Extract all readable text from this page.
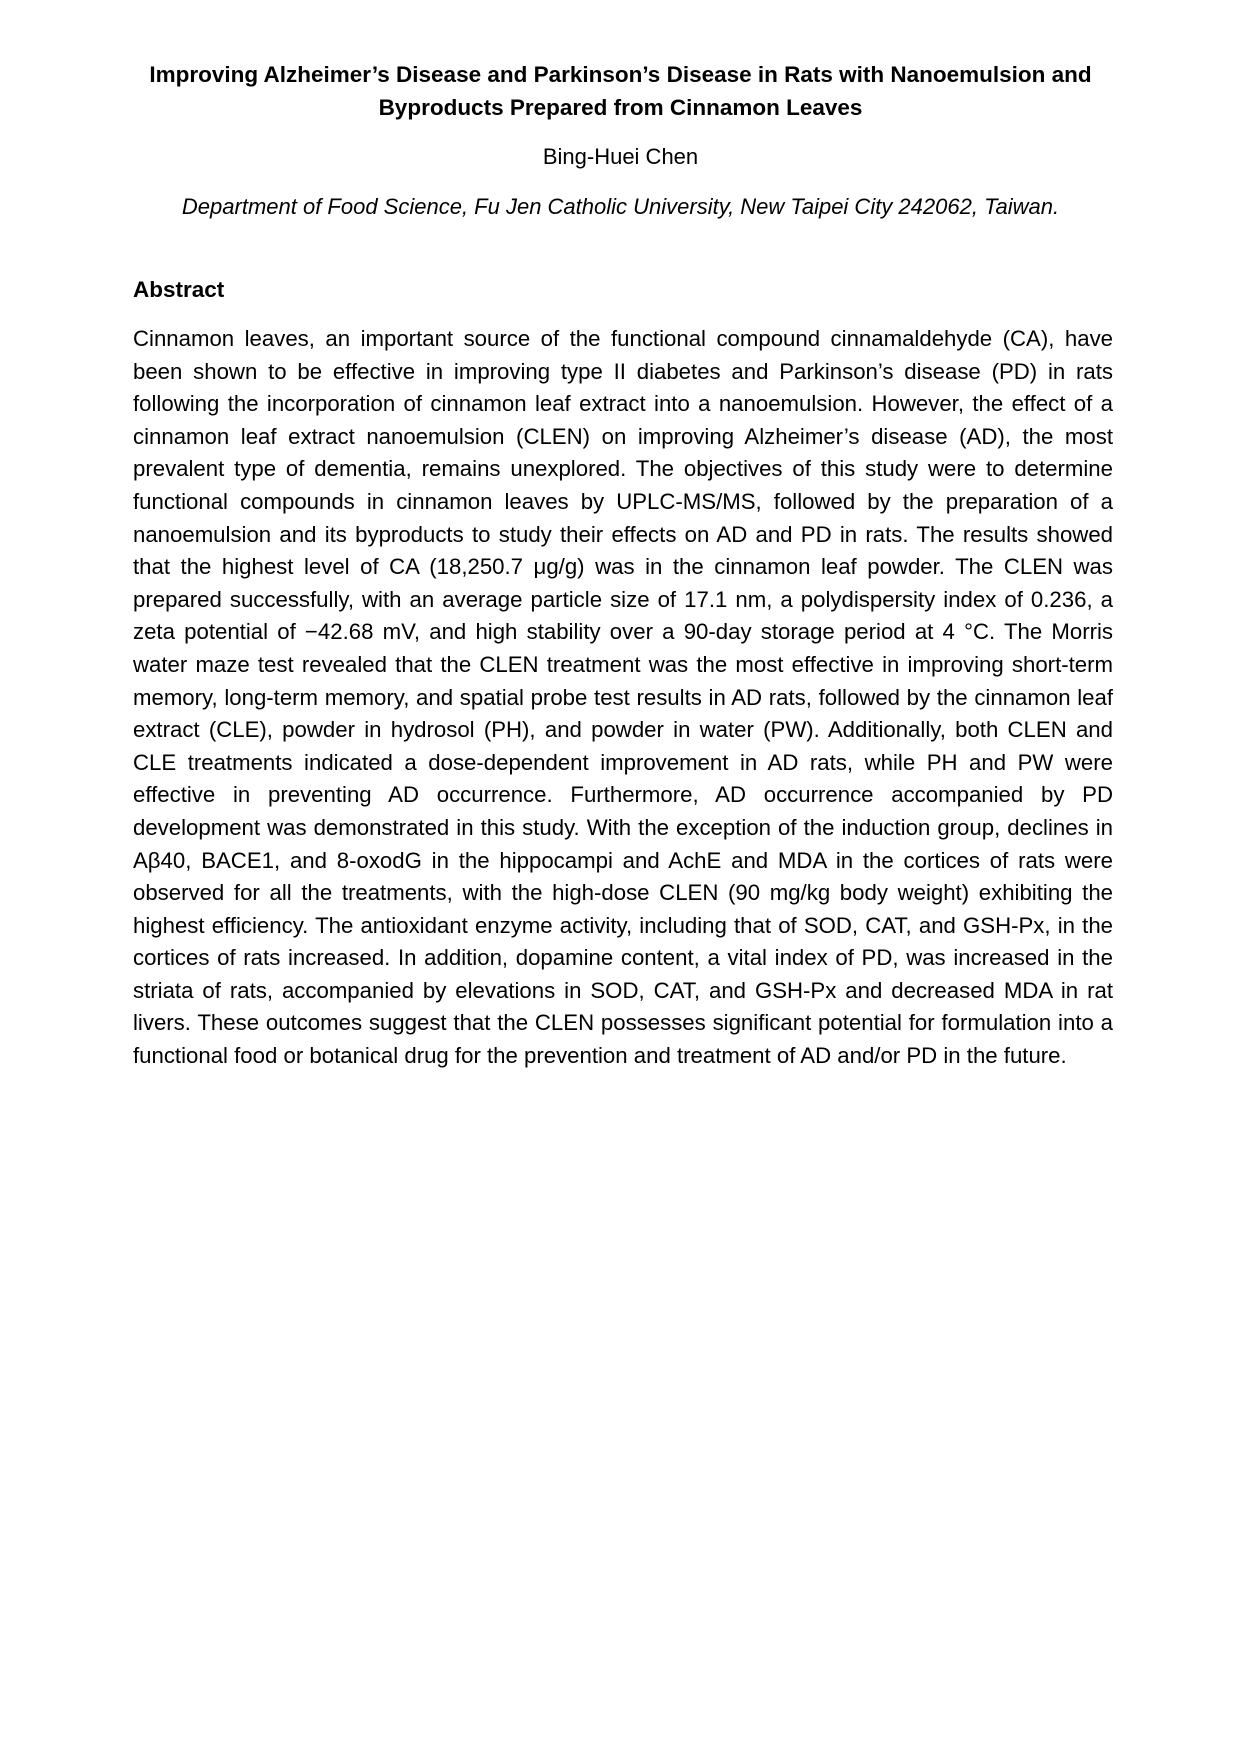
Improving Alzheimer’s Disease and Parkinson’s Disease in Rats with Nanoemulsion and
Byproducts Prepared from Cinnamon Leaves
Bing-Huei Chen
Department of Food Science, Fu Jen Catholic University, New Taipei City 242062, Taiwan.
Abstract

Cinnamon leaves, an important source of the functional compound cinnamaldehyde (CA), have been shown to be effective in improving type II diabetes and Parkinson’s disease (PD) in rats following the incorporation of cinnamon leaf extract into a nanoemulsion. However, the effect of a cinnamon leaf extract nanoemulsion (CLEN) on improving Alzheimer’s disease (AD), the most prevalent type of dementia, remains unexplored. The objectives of this study were to determine functional compounds in cinnamon leaves by UPLC-MS/MS, followed by the preparation of a nanoemulsion and its byproducts to study their effects on AD and PD in rats. The results showed that the highest level of CA (18,250.7 μg/g) was in the cinnamon leaf powder. The CLEN was prepared successfully, with an average particle size of 17.1 nm, a polydispersity index of 0.236, a zeta potential of −42.68 mV, and high stability over a 90-day storage period at 4 °C. The Morris water maze test revealed that the CLEN treatment was the most effective in improving short-term memory, long-term memory, and spatial probe test results in AD rats, followed by the cinnamon leaf extract (CLE), powder in hydrosol (PH), and powder in water (PW). Additionally, both CLEN and CLE treatments indicated a dose-dependent improvement in AD rats, while PH and PW were effective in preventing AD occurrence. Furthermore, AD occurrence accompanied by PD development was demonstrated in this study. With the exception of the induction group, declines in Aβ40, BACE1, and 8-oxodG in the hippocampi and AchE and MDA in the cortices of rats were observed for all the treatments, with the high-dose CLEN (90 mg/kg body weight) exhibiting the highest efficiency. The antioxidant enzyme activity, including that of SOD, CAT, and GSH-Px, in the cortices of rats increased. In addition, dopamine content, a vital index of PD, was increased in the striata of rats, accompanied by elevations in SOD, CAT, and GSH-Px and decreased MDA in rat livers. These outcomes suggest that the CLEN possesses significant potential for formulation into a functional food or botanical drug for the prevention and treatment of AD and/or PD in the future.
